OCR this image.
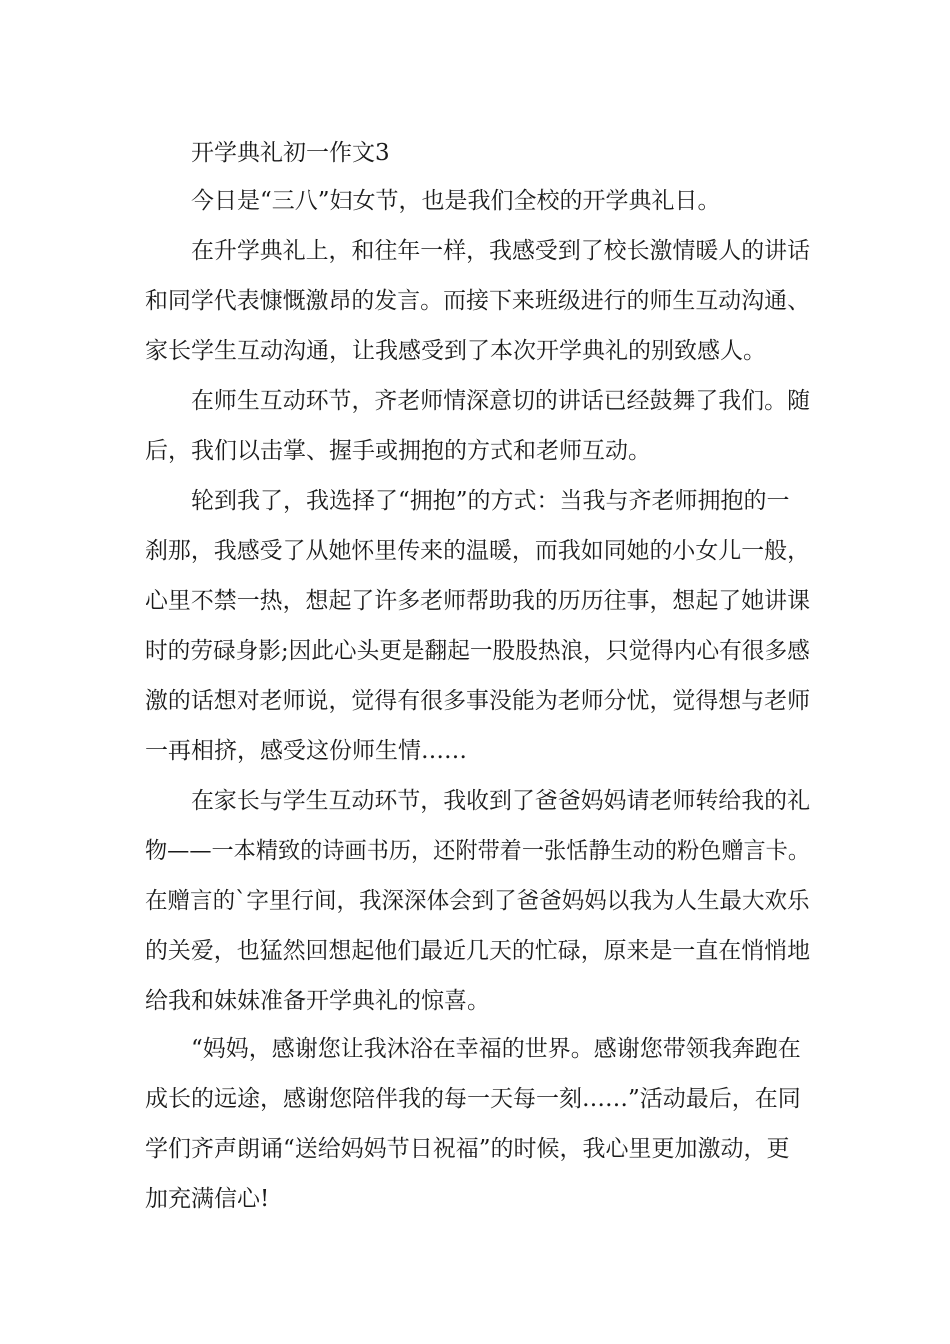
开学典礼初一作文3

今日是“三八”妇女节，也是我们全校的开学典礼日。

在升学典礼上，和往年一样，我感受到了校长激情暖人的讲话

和同学代表慷慨激昂的发言。而接下来班级进行的师生互动沟通、

家长学生互动沟通，让我感受到了本次开学典礼的别致感人。

在师生互动环节，齐老师情深意切的讲话已经鼓舞了我们。随

后，我们以击掌、握手或拥抱的方式和老师互动。

轮到我了，我选择了“拥抱”的方式：当我与齐老师拥抱的一

刹那，我感受了从她怀里传来的温暖，而我如同她的小女儿一般，

心里不禁一热，想起了许多老师帮助我的历历往事，想起了她讲课

时的劳碌身影;因此心头更是翻起一股股热浪，只觉得内心有很多感

激的话想对老师说，觉得有很多事没能为老师分忧，觉得想与老师

一再相挤，感受这份师生情……

在家长与学生互动环节，我收到了爸爸妈妈请老师转给我的礼

物——一本精致的诗画书历，还附带着一张恬静生动的粉色赠言卡。

在赠言的`字里行间，我深深体会到了爸爸妈妈以我为人生最大欢乐

的关爱，也猛然回想起他们最近几天的忙碌，原来是一直在悄悄地

给我和妹妹准备开学典礼的惊喜。

“妈妈，感谢您让我沐浴在幸福的世界。感谢您带领我奔跑在

成长的远途，感谢您陪伴我的每一天每一刻……”活动最后，在同

学们齐声朗诵“送给妈妈节日祝福”的时候，我心里更加激动，更

加充满信心!
